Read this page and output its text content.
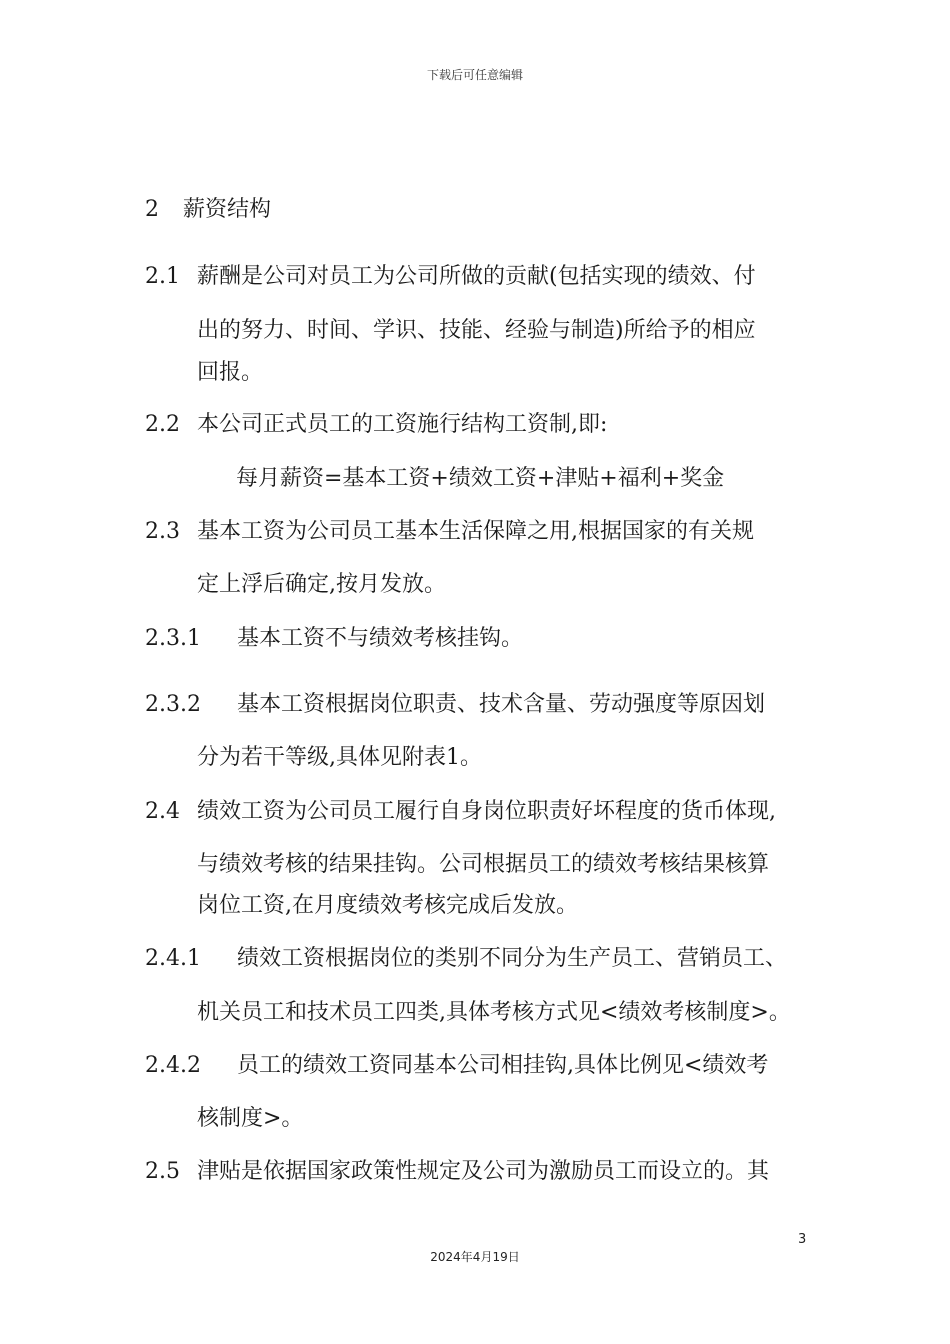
下载后可任意编辑
2 薪资结构
2.1 薪酬是公司对员工为公司所做的贡献(包括实现的绩效、付
出的努力、时间、学识、技能、经验与制造)所给予的相应
回报。
2.2 本公司正式员工的工资施行结构工资制,即:
每月薪资=基本工资+绩效工资+津贴+福利+奖金
2.3 基本工资为公司员工基本生活保障之用,根据国家的有关规
定上浮后确定,按月发放。
2.3.1 基本工资不与绩效考核挂钩。
2.3.2 基本工资根据岗位职责、技术含量、劳动强度等原因划
分为若干等级,具体见附表1。
2.4 绩效工资为公司员工履行自身岗位职责好坏程度的货币体现,
与绩效考核的结果挂钩。公司根据员工的绩效考核结果核算
岗位工资,在月度绩效考核完成后发放。
2.4.1 绩效工资根据岗位的类别不同分为生产员工、营销员工、
机关员工和技术员工四类,具体考核方式见<绩效考核制度>。
2.4.2 员工的绩效工资同基本公司相挂钩,具体比例见<绩效考
核制度>。
2.5 津贴是依据国家政策性规定及公司为激励员工而设立的。其
3
2024年4月19日
